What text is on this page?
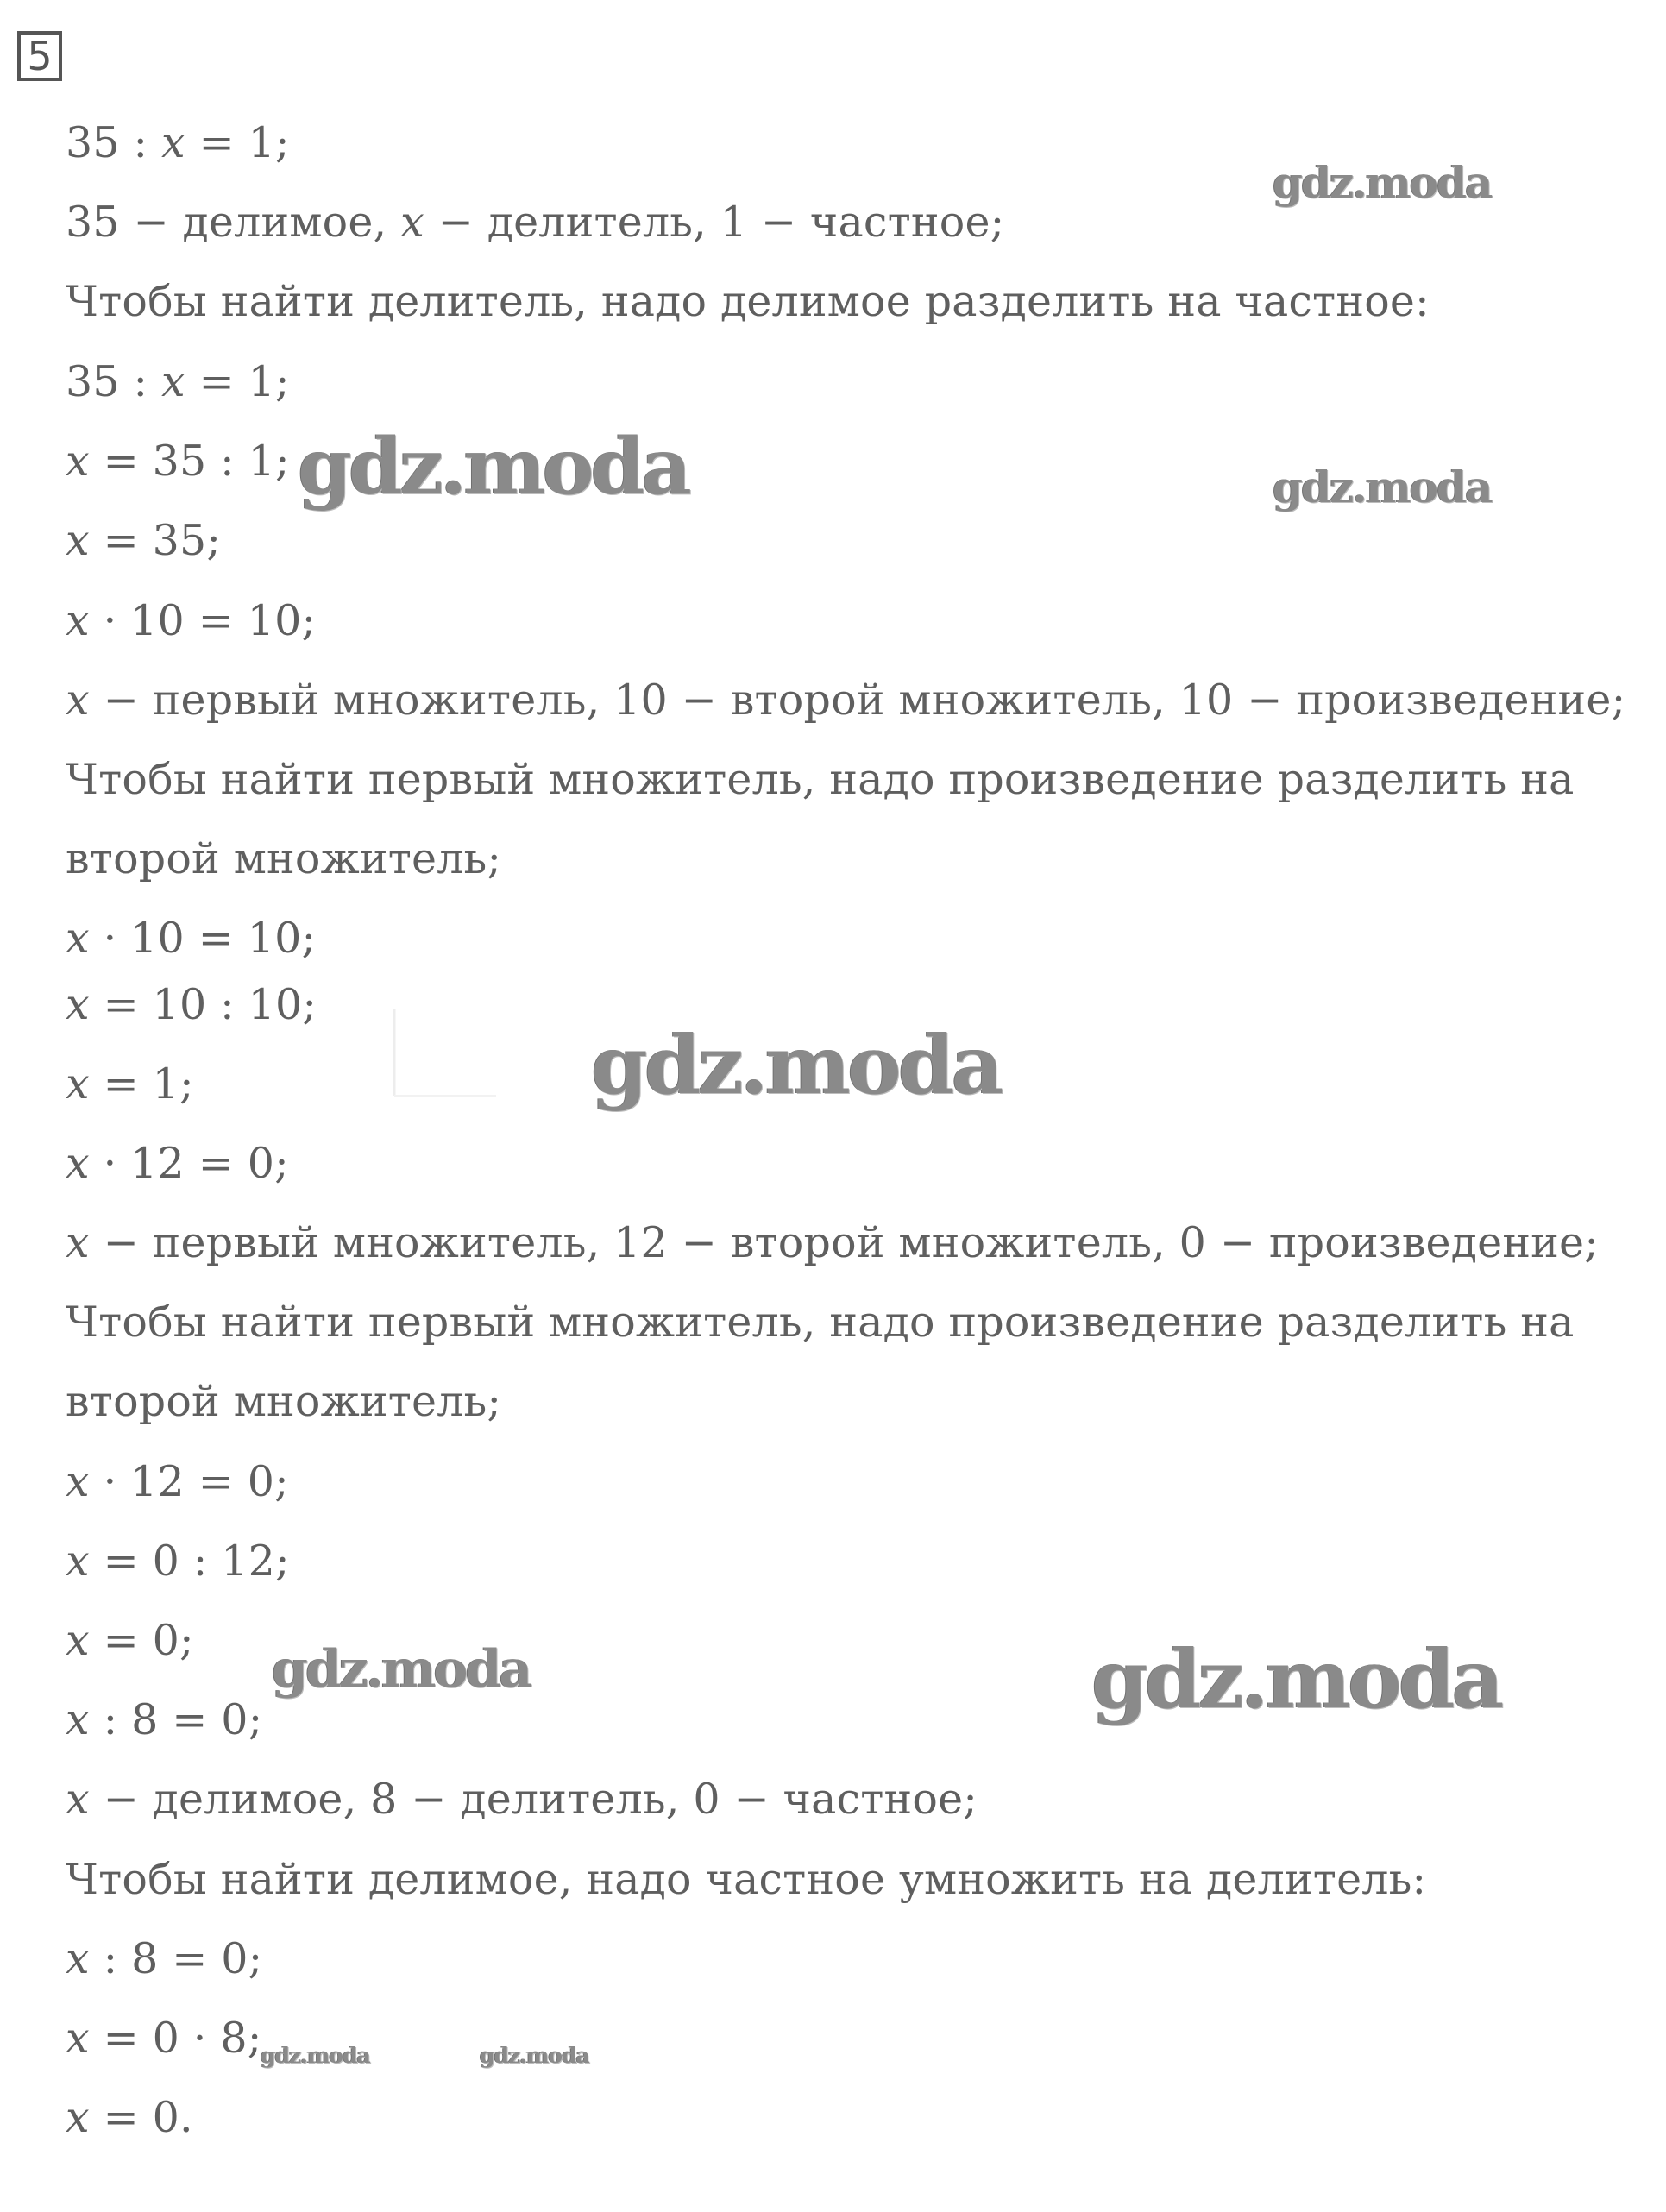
5
35 : 𝑥 = 1;
35 − делимое, 𝑥 − делитель, 1 − частное;
Чтобы найти делитель, надо делимое разделить на частное:
35 : 𝑥 = 1;
𝑥 = 35 : 1;
𝑥 = 35;
𝑥 · 10 = 10;
𝑥 − первый множитель, 10 − второй множитель, 10 − произведение;
Чтобы найти первый множитель, надо произведение разделить на
второй множитель;
𝑥 · 10 = 10;
𝑥 = 10 : 10;
𝑥 = 1;
𝑥 · 12 = 0;
𝑥 − первый множитель, 12 − второй множитель, 0 − произведение;
Чтобы найти первый множитель, надо произведение разделить на
второй множитель;
𝑥 · 12 = 0;
𝑥 = 0 : 12;
𝑥 = 0;
𝑥 : 8 = 0;
𝑥 − делимое, 8 − делитель, 0 − частное;
Чтобы найти делимое, надо частное умножить на делитель:
𝑥 : 8 = 0;
𝑥 = 0 · 8;
𝑥 = 0.
gdz.moda
gdz.moda	gdz.moda
gdz.moda
gdz.moda	gdz.moda
gdz.moda	gdz.moda
